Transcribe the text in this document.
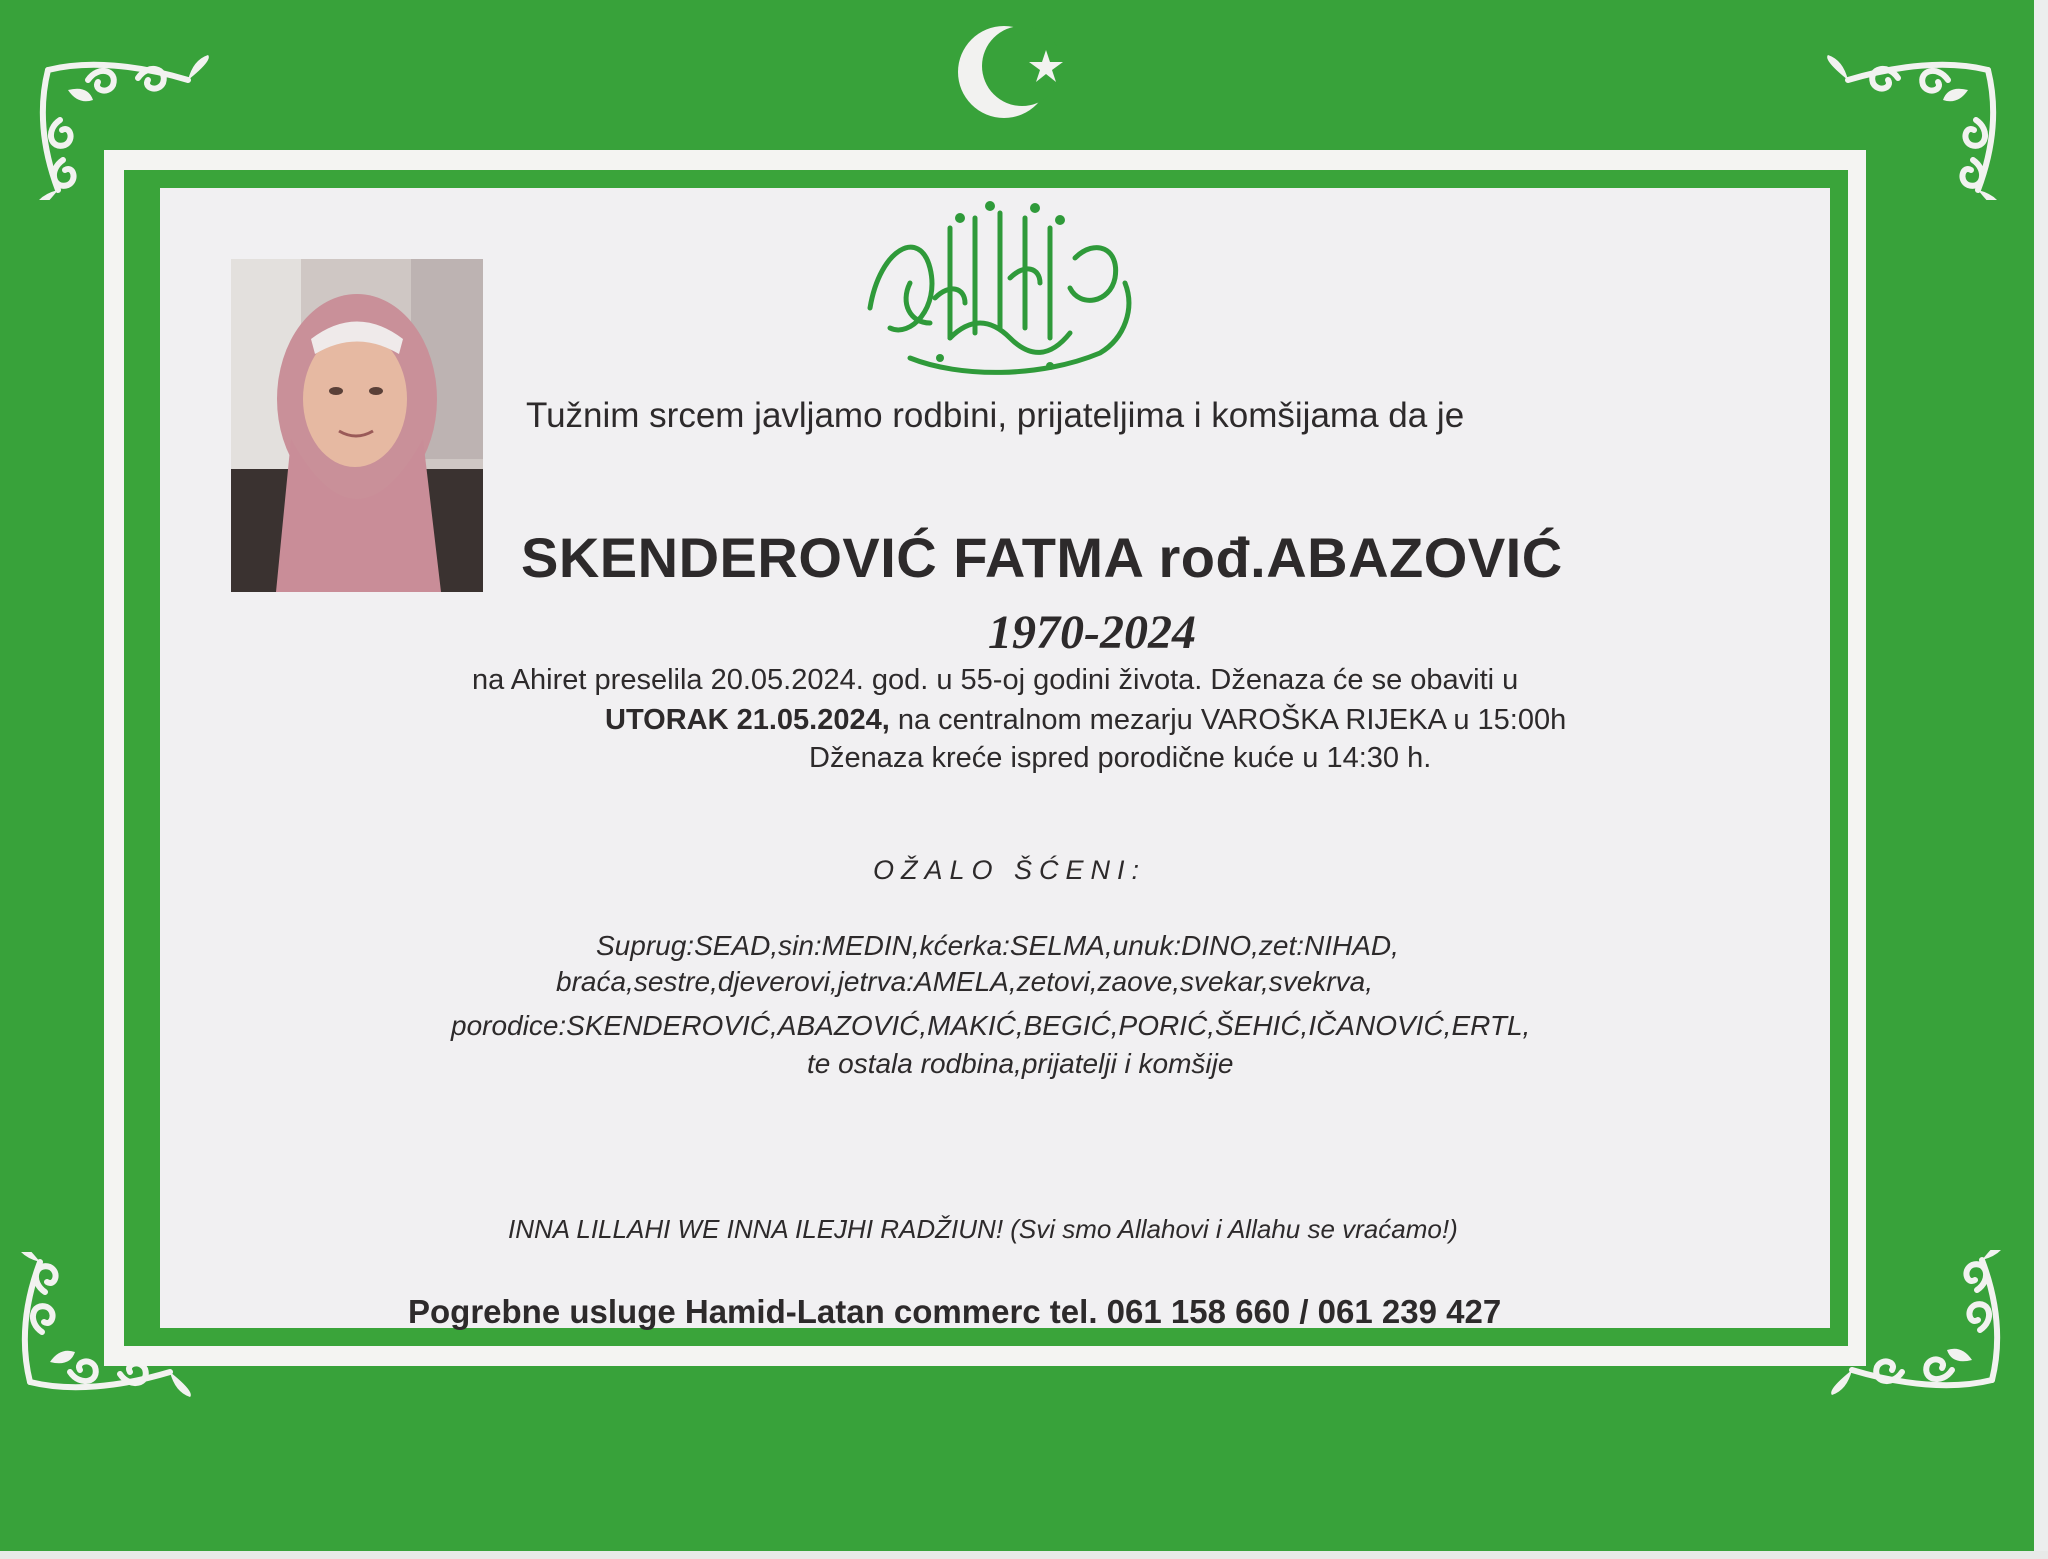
Tužnim srcem javljamo rodbini, prijateljima i komšijama da je
SKENDEROVIĆ FATMA rođ.ABAZOVIĆ
1970-2024
na Ahiret preselila 20.05.2024. god. u 55-oj godini života. Dženaza će se obaviti u
UTORAK 21.05.2024, na centralnom mezarju VAROŠKA RIJEKA u 15:00h
Dženaza kreće ispred porodične kuće u 14:30 h.
OŽALO ŠĆENI:
Suprug:SEAD,sin:MEDIN,kćerka:SELMA,unuk:DINO,zet:NIHAD,
braća,sestre,djeverovi,jetrva:AMELA,zetovi,zaove,svekar,svekrva,
porodice:SKENDEROVIĆ,ABAZOVIĆ,MAKIĆ,BEGIĆ,PORIĆ,ŠEHIĆ,IČANOVIĆ,ERTL,
te ostala rodbina,prijatelji i komšije
INNA LILLAHI WE INNA ILEJHI RADŽIUN! (Svi smo Allahovi i Allahu se vraćamo!)
Pogrebne usluge Hamid-Latan commerc tel. 061 158 660 / 061 239 427
